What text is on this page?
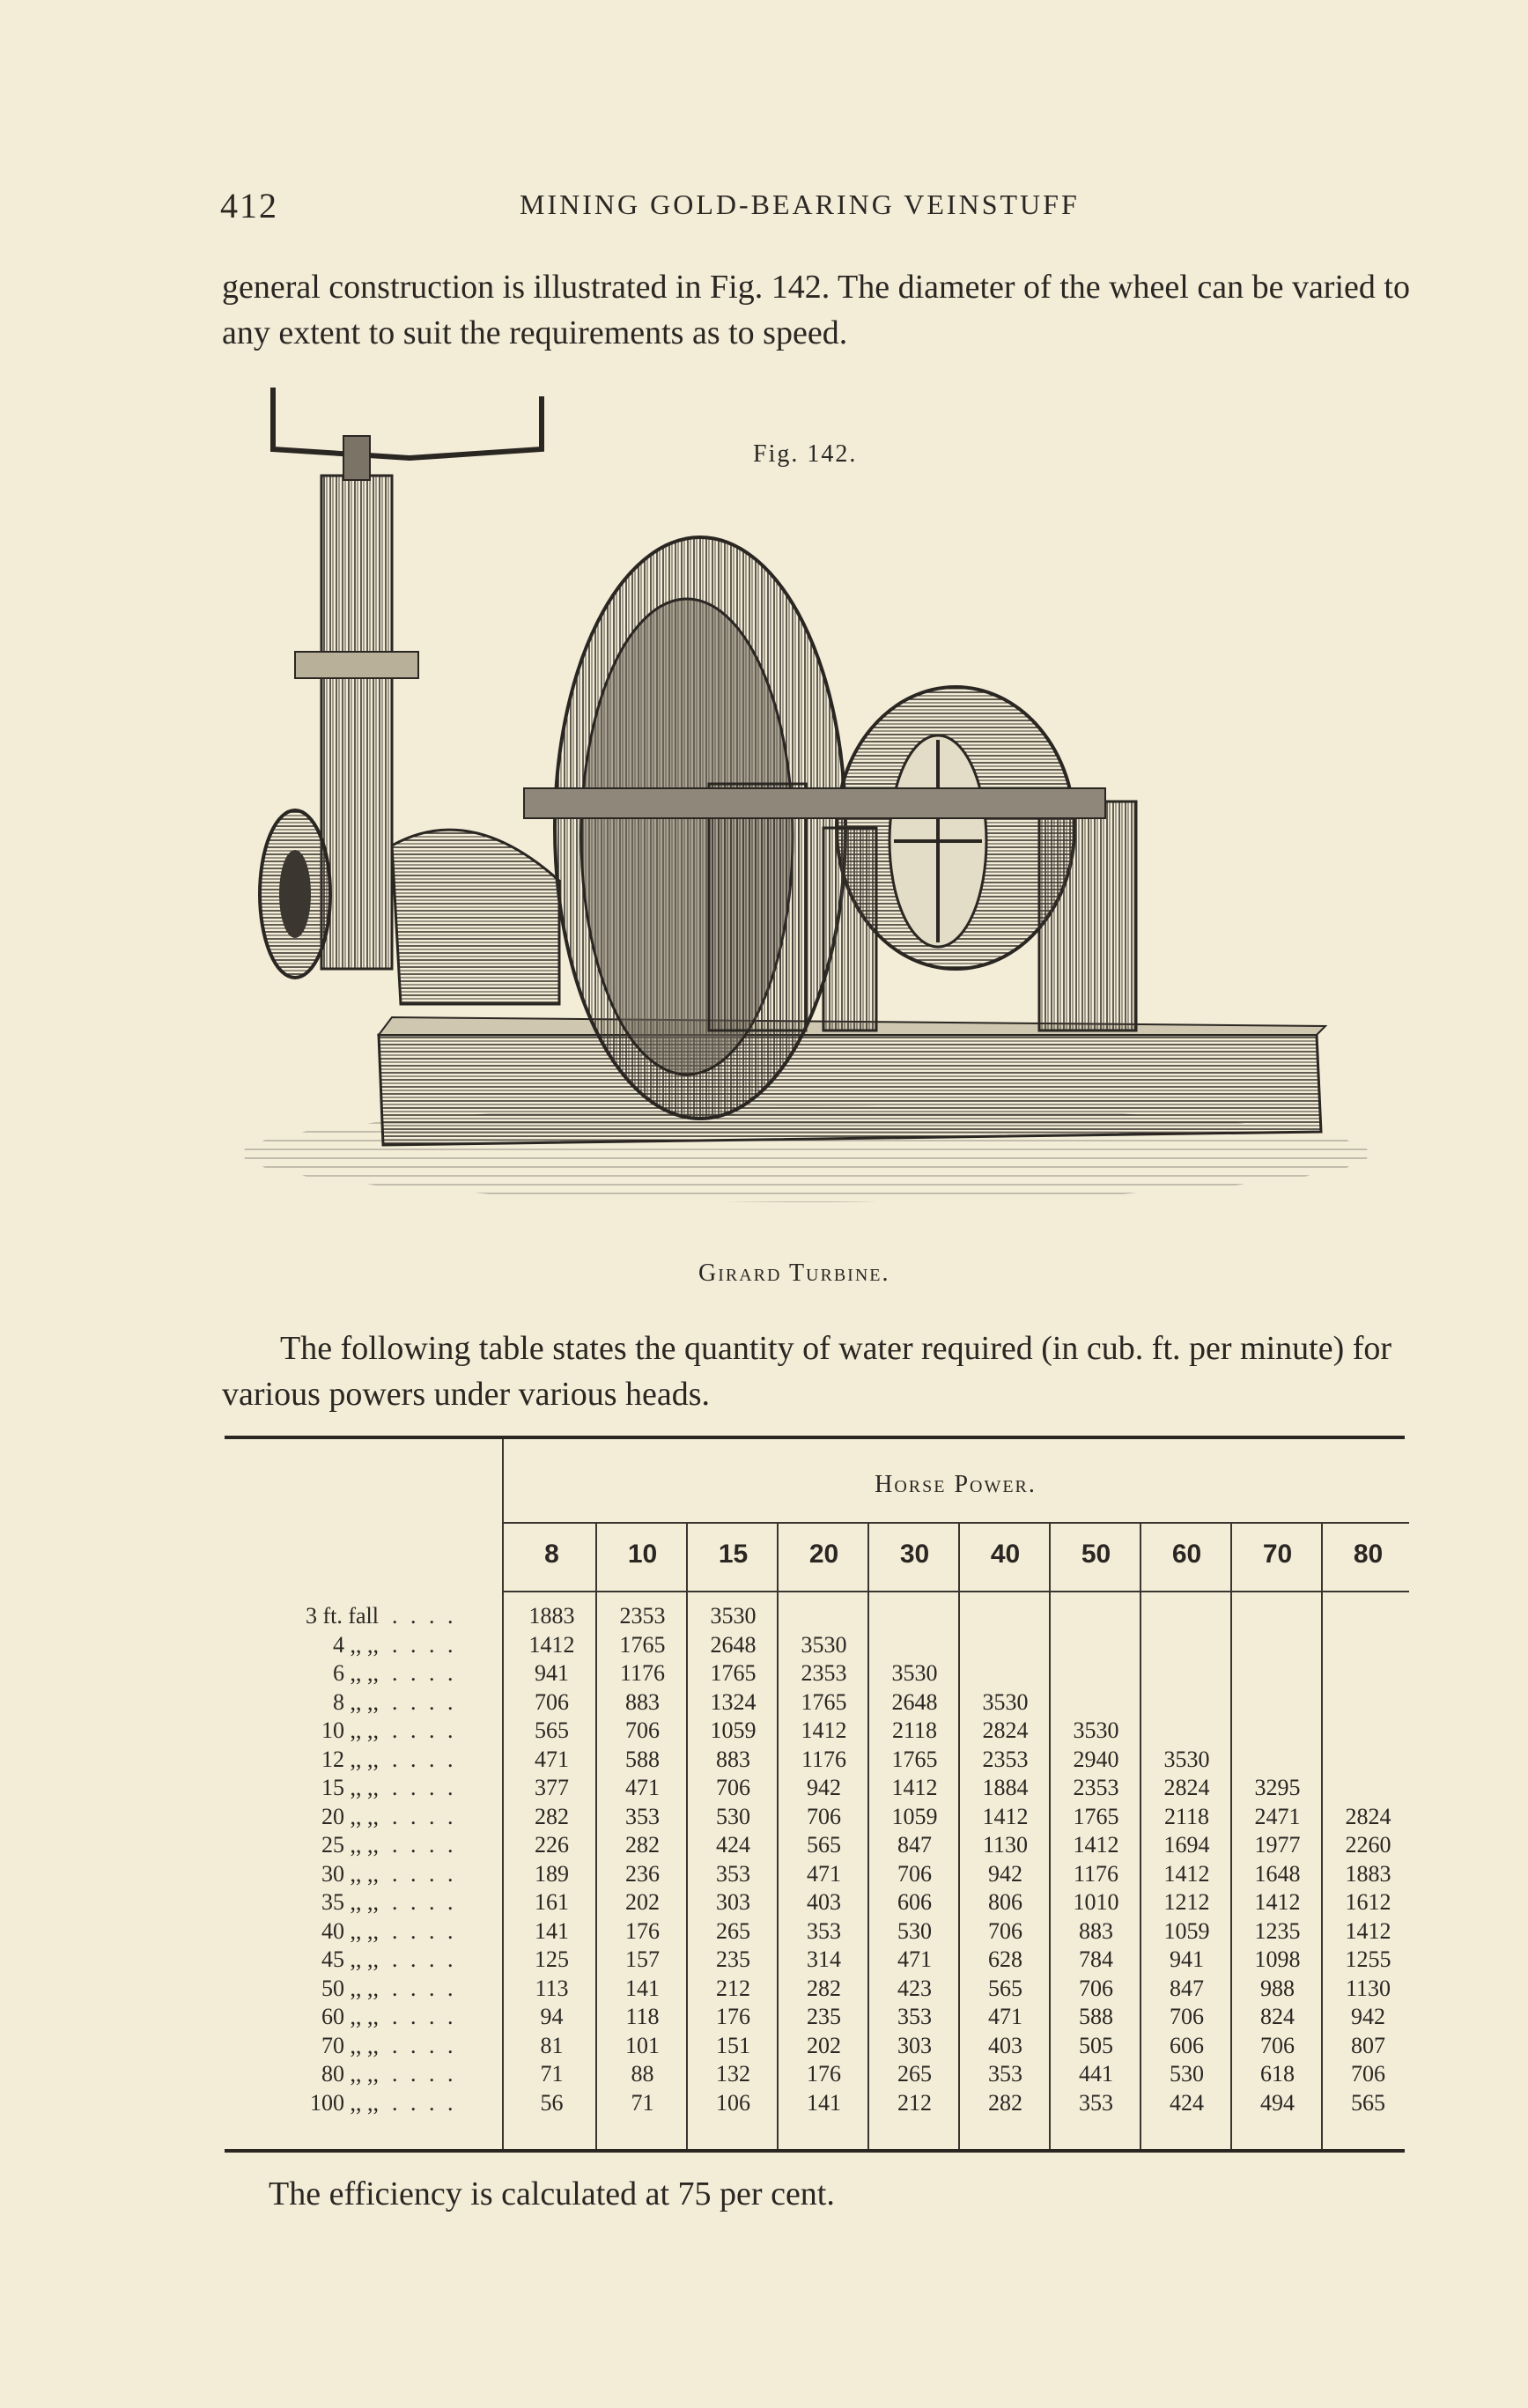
412	MINING GOLD-BEARING VEINSTUFF
general construction is illustrated in Fig. 142. The diameter of the wheel can be varied to any extent to suit the requirements as to speed.
Fig. 142.
Girard Turbine.
The following table states the quantity of water required (in cub. ft. per minute) for various powers under various heads.
Horse Power.
8	10	15	20	30	40	50	60	70	80
3 ft. fall . . . .	1883	2353	3530
4 ,, ,, . . . .	1412	1765	2648	3530
6 ,, ,, . . . .	941	1176	1765	2353	3530
8 ,, ,, . . . .	706	883	1324	1765	2648	3530
10 ,, ,, . . . .	565	706	1059	1412	2118	2824	3530
12 ,, ,, . . . .	471	588	883	1176	1765	2353	2940	3530
15 ,, ,, . . . .	377	471	706	942	1412	1884	2353	2824	3295
20 ,, ,, . . . .	282	353	530	706	1059	1412	1765	2118	2471	2824
25 ,, ,, . . . .	226	282	424	565	847	1130	1412	1694	1977	2260
30 ,, ,, . . . .	189	236	353	471	706	942	1176	1412	1648	1883
35 ,, ,, . . . .	161	202	303	403	606	806	1010	1212	1412	1612
40 ,, ,, . . . .	141	176	265	353	530	706	883	1059	1235	1412
45 ,, ,, . . . .	125	157	235	314	471	628	784	941	1098	1255
50 ,, ,, . . . .	113	141	212	282	423	565	706	847	988	1130
60 ,, ,, . . . .	94	118	176	235	353	471	588	706	824	942
70 ,, ,, . . . .	81	101	151	202	303	403	505	606	706	807
80 ,, ,, . . . .	71	88	132	176	265	353	441	530	618	706
100 ,, ,, . . . .	56	71	106	141	212	282	353	424	494	565
The efficiency is calculated at 75 per cent.
